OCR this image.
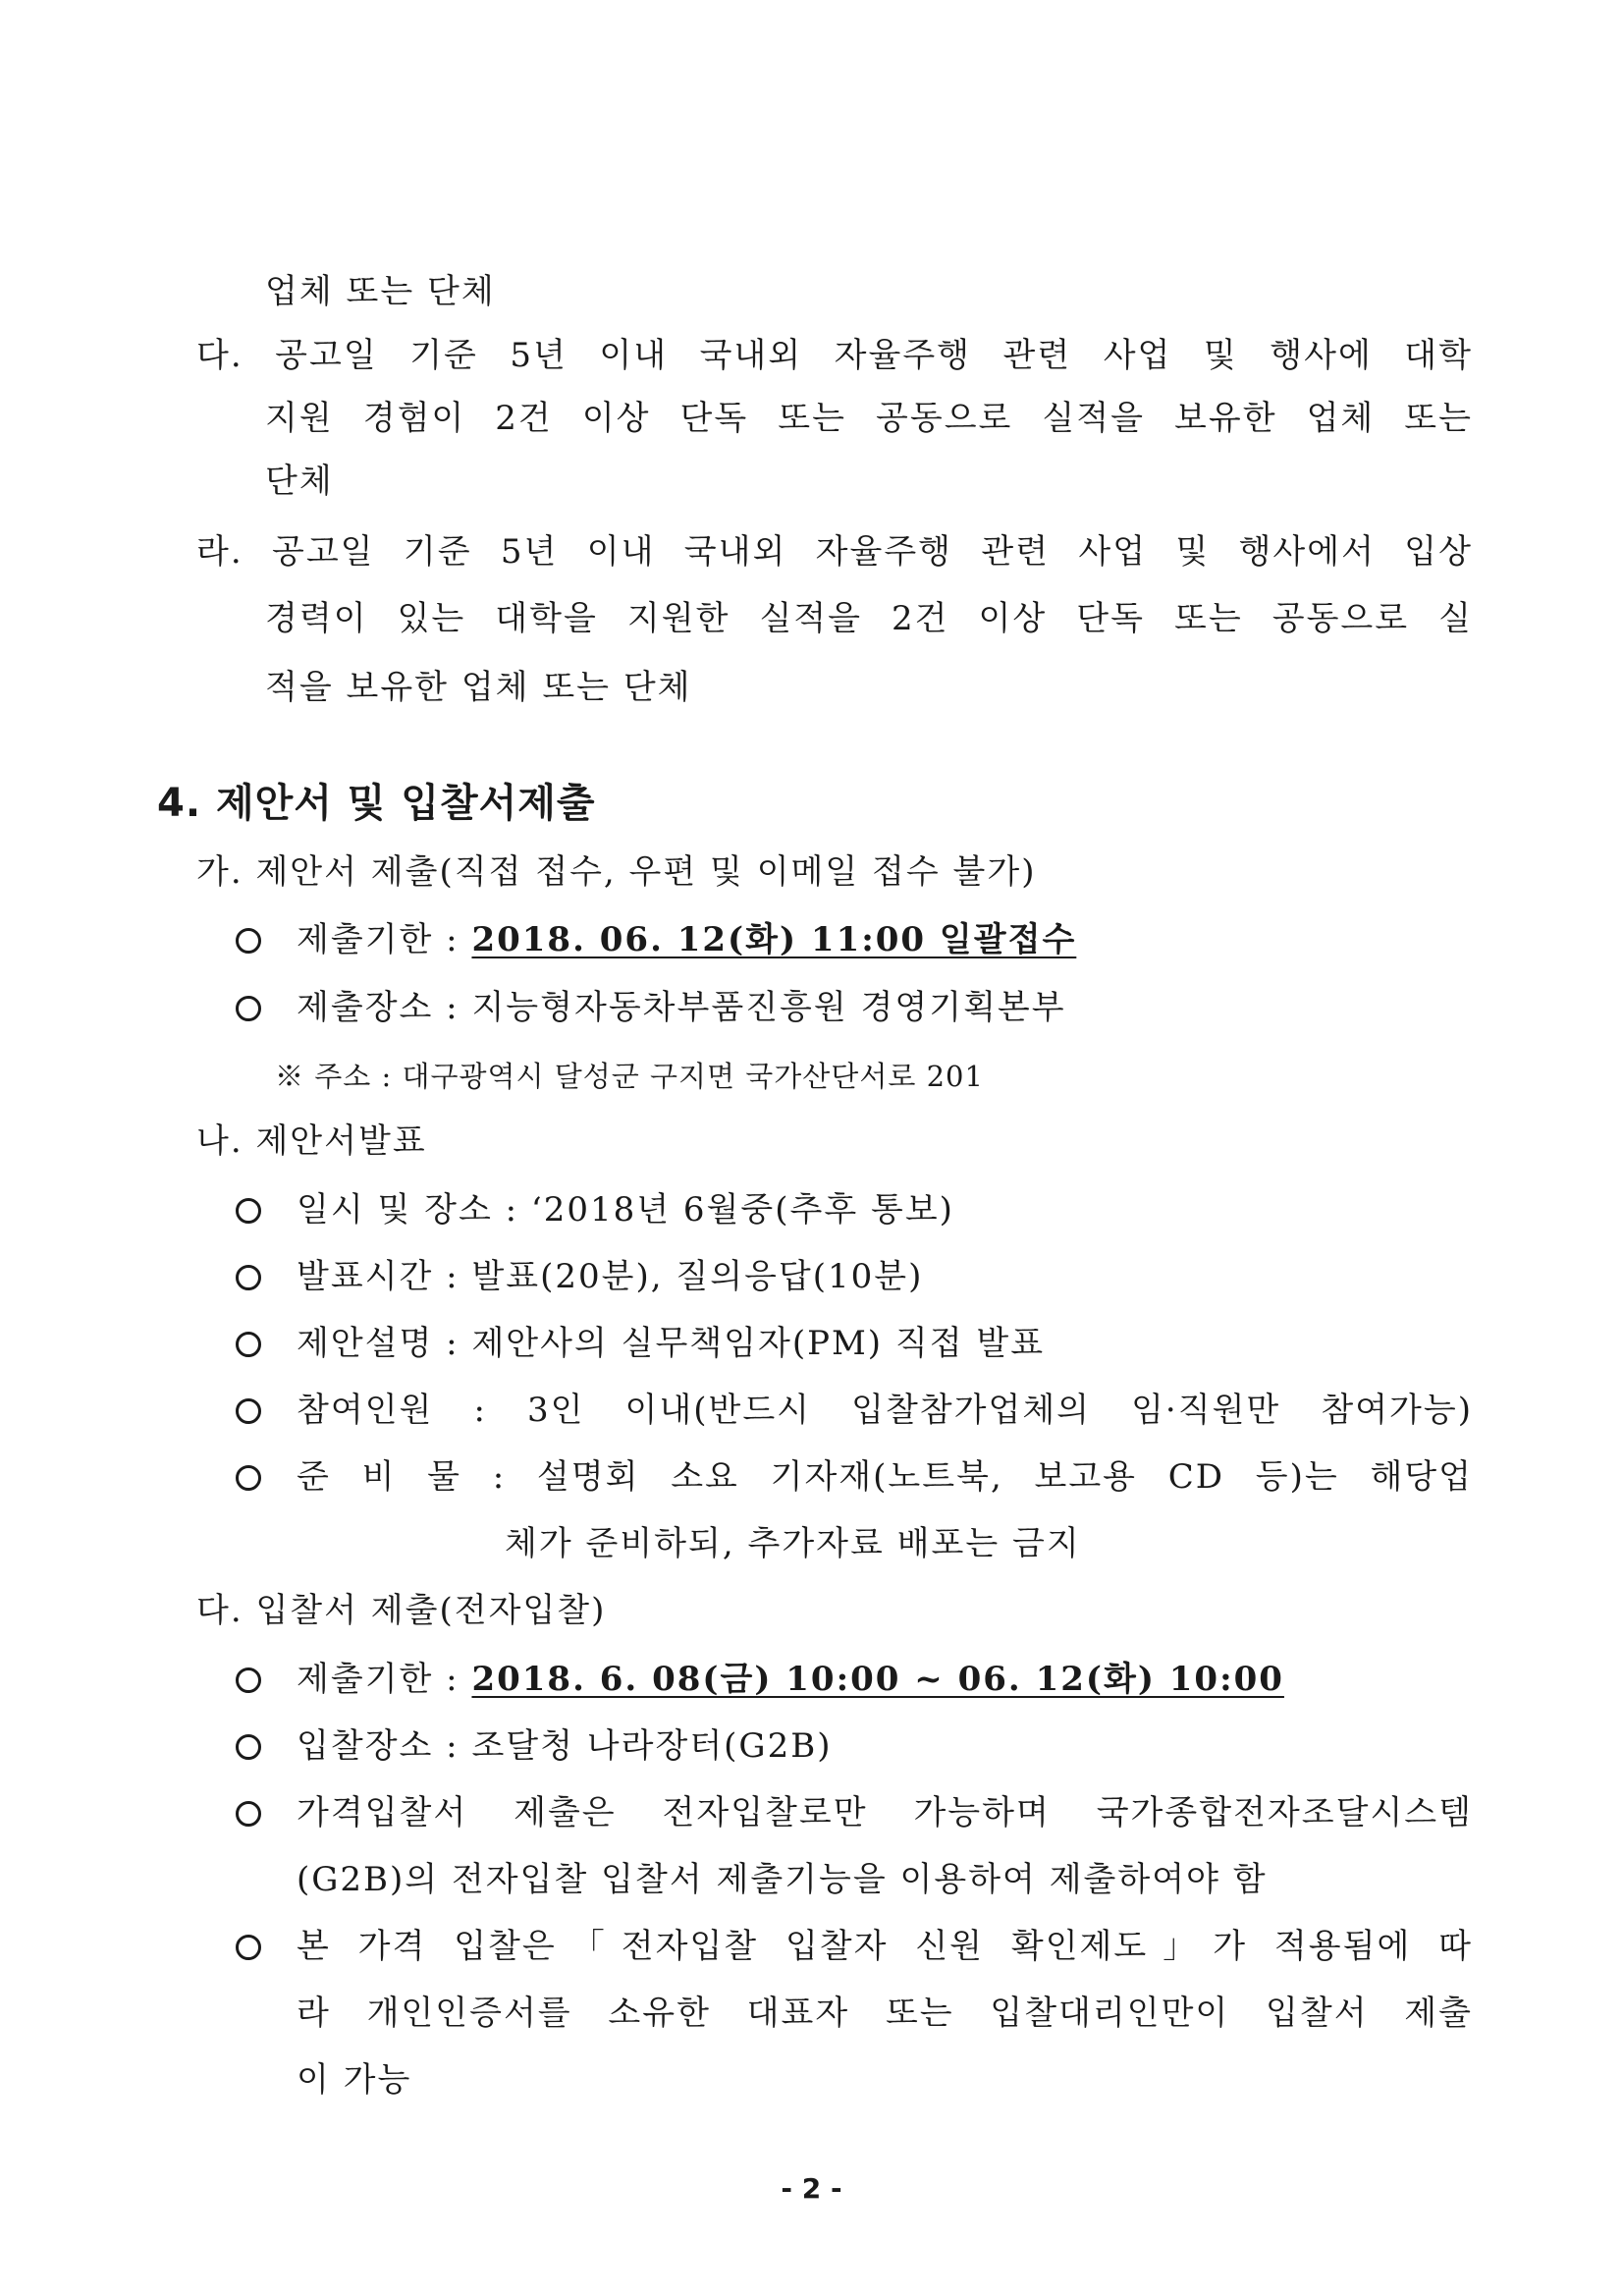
업체 또는 단체
다. 공고일 기준 5년 이내 국내외 자율주행 관련 사업 및 행사에 대학
지원 경험이 2건 이상 단독 또는 공동으로 실적을 보유한 업체 또는
단체
라. 공고일 기준 5년 이내 국내외 자율주행 관련 사업 및 행사에서 입상
경력이 있는 대학을 지원한 실적을 2건 이상 단독 또는 공동으로 실
적을 보유한 업체 또는 단체
4. 제안서 및 입찰서제출
가. 제안서 제출(직접 접수, 우편 및 이메일 접수 불가)
제출기한 : 2018. 06. 12(화) 11:00 일괄접수
제출장소 : 지능형자동차부품진흥원 경영기획본부
※ 주소 : 대구광역시 달성군 구지면 국가산단서로 201
나. 제안서발표
일시 및 장소 : ‘2018년 6월중(추후 통보)
발표시간 : 발표(20분), 질의응답(10분)
제안설명 : 제안사의 실무책임자(PM) 직접 발표
참여인원 : 3인 이내(반드시 입찰참가업체의 임·직원만 참여가능)
준 비 물 : 설명회 소요 기자재(노트북, 보고용 CD 등)는 해당업
체가 준비하되, 추가자료 배포는 금지
다. 입찰서 제출(전자입찰)
제출기한 : 2018. 6. 08(금) 10:00 ~ 06. 12(화) 10:00
입찰장소 : 조달청 나라장터(G2B)
가격입찰서 제출은 전자입찰로만 가능하며 국가종합전자조달시스템
(G2B)의 전자입찰 입찰서 제출기능을 이용하여 제출하여야 함
본 가격 입찰은「전자입찰 입찰자 신원 확인제도」가 적용됨에 따
라 개인인증서를 소유한 대표자 또는 입찰대리인만이 입찰서 제출
이 가능
- 2 -
